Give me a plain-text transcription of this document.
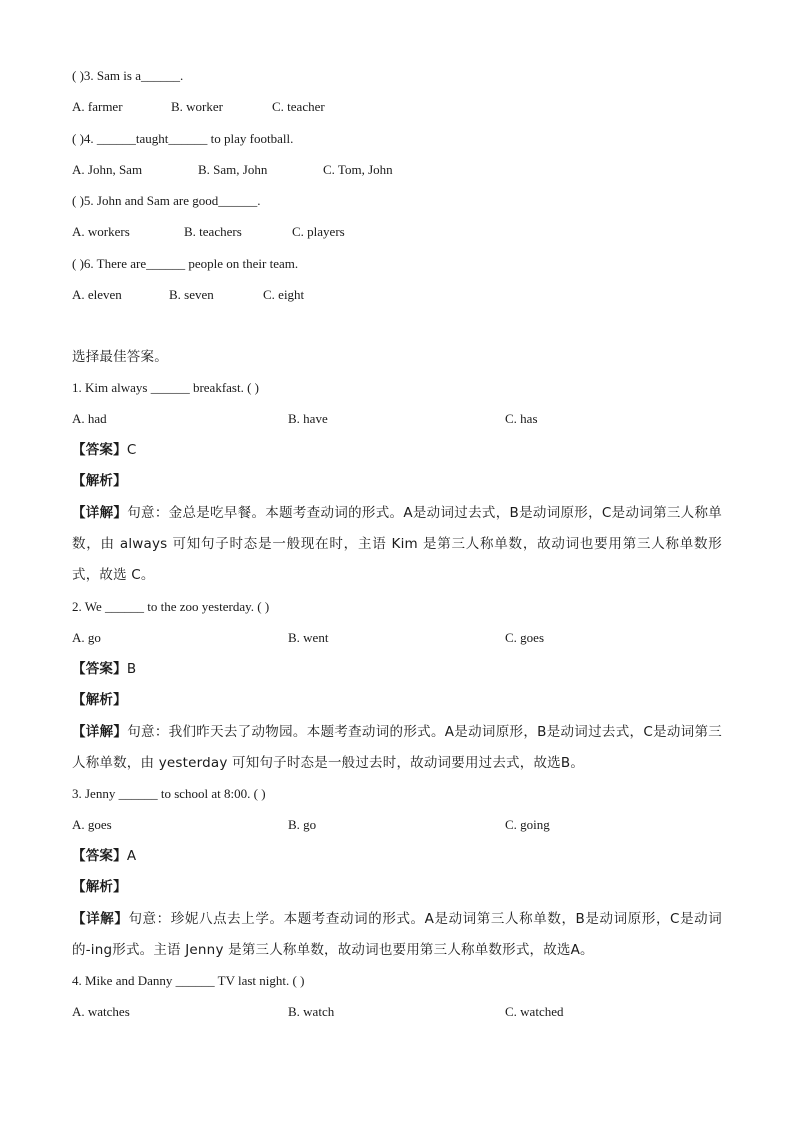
( )3. Sam is a______.
A. farmer	B. worker	C. teacher
( )4. ______taught______ to play football.
A. John, Sam	B. Sam, John	C. Tom, John
( )5. John and Sam are good______.
A. workers	B. teachers	C. players
( )6. There are______ people on their team.
A. eleven	B. seven	C. eight
选择最佳答案。
1. Kim always ______ breakfast. ( )
A. had	B. have	C. has
【答案】C
【解析】
【详解】句意：金总是吃早餐。本题考查动词的形式。A是动词过去式，B是动词原形，C是动词第三人称单数，由 always 可知句子时态是一般现在时，主语 Kim 是第三人称单数，故动词也要用第三人称单数形式，故选 C。
2. We ______ to the zoo yesterday. ( )
A. go	B. went	C. goes
【答案】B
【解析】
【详解】句意：我们昨天去了动物园。本题考查动词的形式。A是动词原形，B是动词过去式，C是动词第三人称单数，由 yesterday 可知句子时态是一般过去时，故动词要用过去式，故选B。
3. Jenny ______ to school at 8:00. ( )
A. goes	B. go	C. going
【答案】A
【解析】
【详解】句意：珍妮八点去上学。本题考查动词的形式。A是动词第三人称单数，B是动词原形，C是动词的-ing形式。主语 Jenny 是第三人称单数，故动词也要用第三人称单数形式，故选A。
4. Mike and Danny ______ TV last night. ( )
A. watches	B. watch	C. watched
